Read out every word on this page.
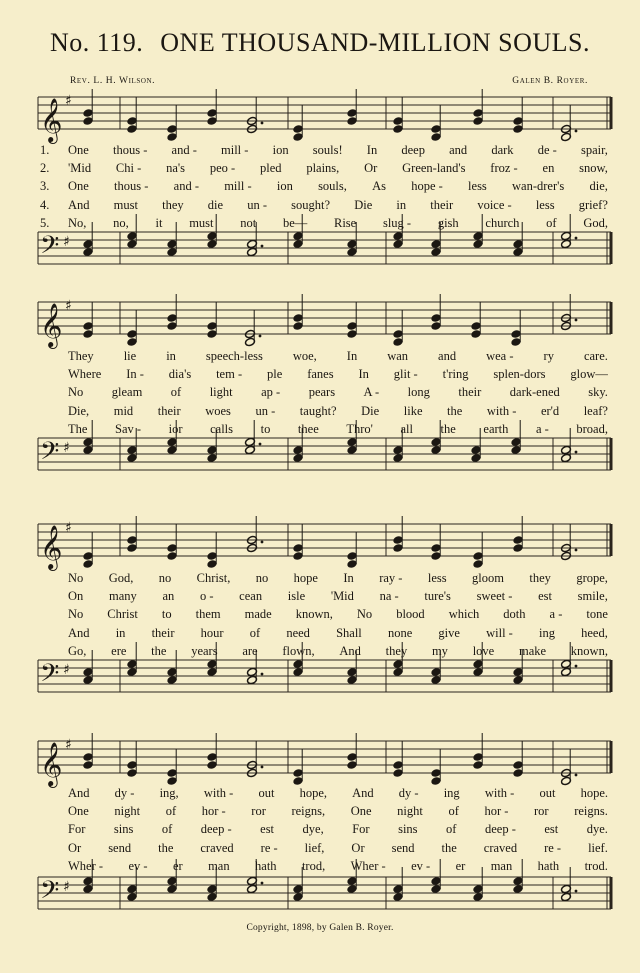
No. 119. ONE THOUSAND-MILLION SOULS.
Rev. L. H. Wilson.	Galen B. Royer.
𝄞 ♯
𝄢 ♯
𝄞 ♯
𝄢 ♯
𝄞 ♯
𝄢 ♯
𝄞 ♯
𝄢 ♯
1.	One thous - and - mill - ion souls! In deep and dark de - spair,
2.	'Mid Chi - na's peo - pled plains, Or Green-land's froz - en snow,
3.	One thous - and - mill - ion souls, As hope - less wan-drer's die,
4.	And must they die un - sought? Die in their voice - less grief?
5.	No, no, it must not be— Rise slug - gish church of God,
They lie in speech-less woe, In wan and wea - ry care.
Where In - dia's tem - ple fanes In glit - t'ring splen-dors glow—
No gleam of light ap - pears A - long their dark-ened sky.
Die, mid their woes un - taught? Die like the with - er'd leaf?
The Sav - ior calls to thee Thro' all the earth a - broad,
No God, no Christ, no hope In ray - less gloom they grope,
On many an o - cean isle 'Mid na - ture's sweet - est smile,
No Christ to them made known, No blood which doth a - tone
And in their hour of need Shall none give will - ing heed,
Go, ere the years are flown, And they my love make known,
And dy - ing, with - out hope, And dy - ing with - out hope.
One night of hor - ror reigns, One night of hor - ror reigns.
For sins of deep - est dye, For sins of deep - est dye.
Or send the craved re - lief, Or send the craved re - lief.
Wher - ev - er man hath trod, Wher - ev - er man hath trod.
Copyright, 1898, by Galen B. Royer.
